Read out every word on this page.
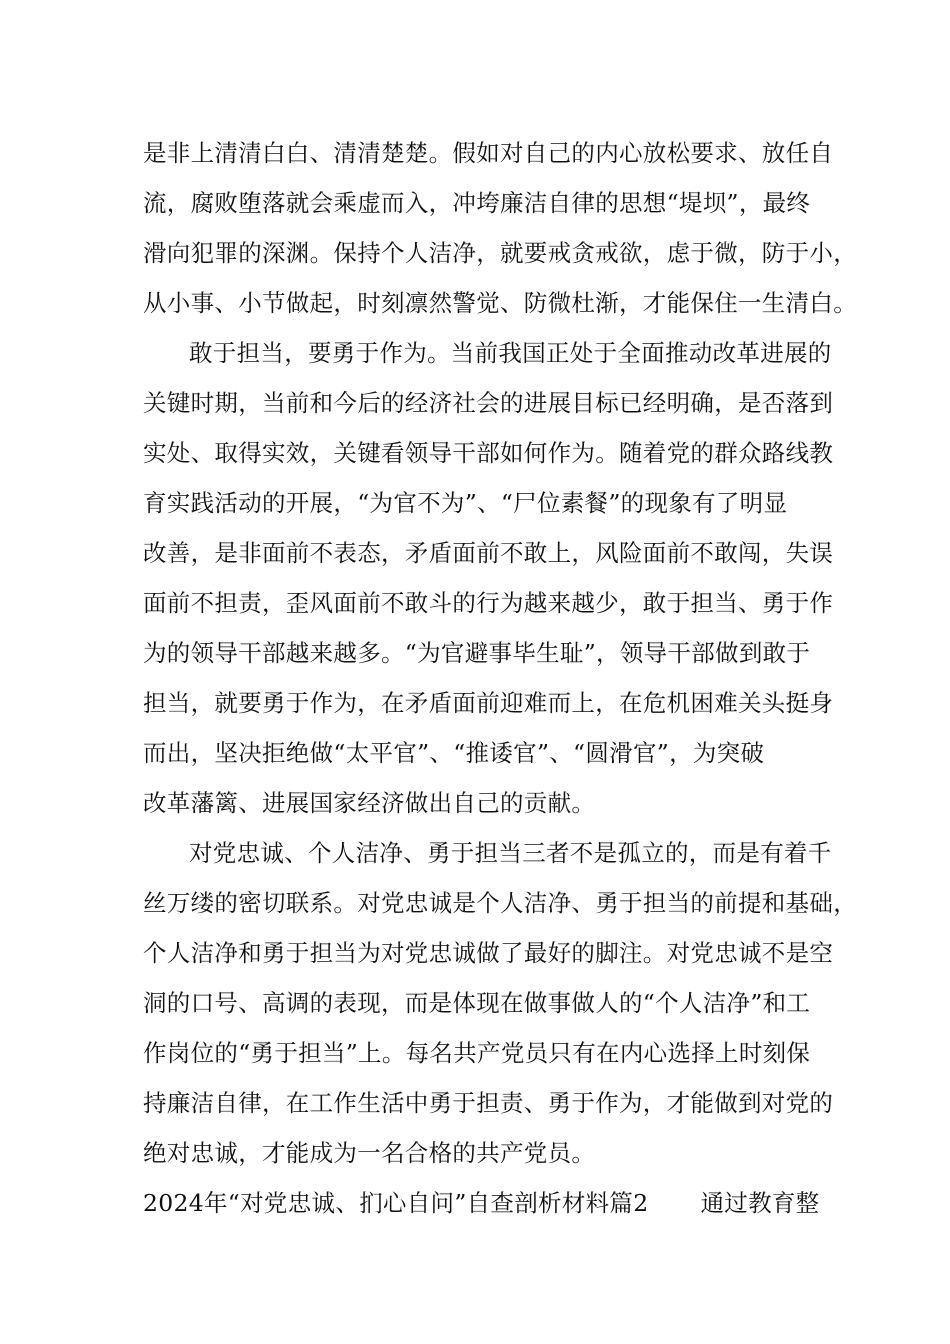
是非上清清白白、清清楚楚。假如对自己的内心放松要求、放任自
流，腐败堕落就会乘虚而入，冲垮廉洁自律的思想“堤坝”，最终
滑向犯罪的深渊。保持个人洁净，就要戒贪戒欲，虑于微，防于小，
从小事、小节做起，时刻凛然警觉、防微杜渐，才能保住一生清白。
敢于担当，要勇于作为。当前我国正处于全面推动改革进展的
关键时期，当前和今后的经济社会的进展目标已经明确，是否落到
实处、取得实效，关键看领导干部如何作为。随着党的群众路线教
育实践活动的开展，“为官不为”、“尸位素餐”的现象有了明显
改善，是非面前不表态，矛盾面前不敢上，风险面前不敢闯，失误
面前不担责，歪风面前不敢斗的行为越来越少，敢于担当、勇于作
为的领导干部越来越多。“为官避事毕生耻”，领导干部做到敢于
担当，就要勇于作为，在矛盾面前迎难而上，在危机困难关头挺身
而出，坚决拒绝做“太平官”、“推诿官”、“圆滑官”，为突破
改革藩篱、进展国家经济做出自己的贡献。
对党忠诚、个人洁净、勇于担当三者不是孤立的，而是有着千
丝万缕的密切联系。对党忠诚是个人洁净、勇于担当的前提和基础，
个人洁净和勇于担当为对党忠诚做了最好的脚注。对党忠诚不是空
洞的口号、高调的表现，而是体现在做事做人的“个人洁净”和工
作岗位的“勇于担当”上。每名共产党员只有在内心选择上时刻保
持廉洁自律，在工作生活中勇于担责、勇于作为，才能做到对党的
绝对忠诚，才能成为一名合格的共产党员。
2024年“对党忠诚、扪心自问”自查剖析材料篇2 通过教育整
